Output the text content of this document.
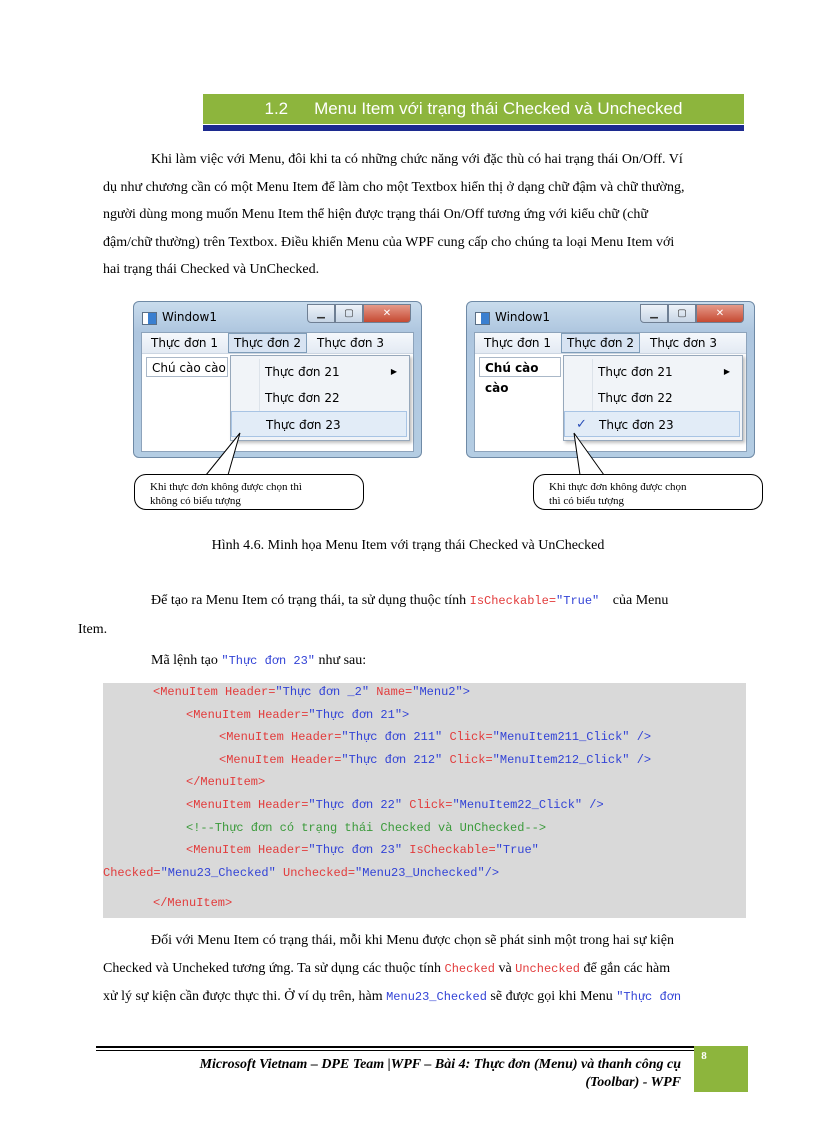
1.2 Menu Item với trạng thái Checked và Unchecked
Khi làm việc với Menu, đôi khi ta có những chức năng với đặc thù có hai trạng thái On/Off. Ví
dụ như chương cần có một Menu Item để làm cho một Textbox hiển thị ở dạng chữ đậm và chữ thường,
người dùng mong muốn Menu Item thể hiện được trạng thái On/Off tương ứng với kiểu chữ (chữ
đậm/chữ thường) trên Textbox. Điều khiển Menu của WPF cung cấp cho chúng ta loại Menu Item với
hai trạng thái Checked và UnChecked.
Window1	▁	▢	✕
Thực đơn 1	Thực đơn 2	Thực đơn 3
Chú cào cào	Thực đơn 21	▶
Thực đơn 22
Thực đơn 23
Window1	▁	▢	✕
Thực đơn 1	Thực đơn 2	Thực đơn 3
Chú cào cào
Thực đơn 21	▶
Thực đơn 22
✓ Thực đơn 23
Khi thực đơn không được chọn thì
không có biểu tượng
Khi thực đơn không được chọn
thì có biểu tượng
Hình 4.6. Minh họa Menu Item với trạng thái Checked và UnChecked
Để tạo ra Menu Item có trạng thái, ta sử dụng thuộc tính IsCheckable="True" của Menu
Item.
Mã lệnh tạo "Thực đơn 23" như sau:
<MenuItem Header="Thực đơn _2" Name="Menu2">
<MenuItem Header="Thực đơn 21">
<MenuItem Header="Thực đơn 211" Click="MenuItem211_Click" />
<MenuItem Header="Thực đơn 212" Click="MenuItem212_Click" />
</MenuItem>
<MenuItem Header="Thực đơn 22" Click="MenuItem22_Click" />
<!--Thực đơn có trạng thái Checked và UnChecked-->
<MenuItem Header="Thực đơn 23" IsCheckable="True"
Checked="Menu23_Checked" Unchecked="Menu23_Unchecked"/>
</MenuItem>
Đối với Menu Item có trạng thái, mỗi khi Menu được chọn sẽ phát sinh một trong hai sự kiện
Checked và Uncheked tương ứng. Ta sử dụng các thuộc tính Checked và Unchecked để gắn các hàm
xử lý sự kiện cần được thực thi. Ở ví dụ trên, hàm Menu23_Checked sẽ được gọi khi Menu "Thực đơn
Microsoft Vietnam – DPE Team |WPF – Bài 4: Thực đơn (Menu) và thanh công cụ
(Toolbar) - WPF
8
